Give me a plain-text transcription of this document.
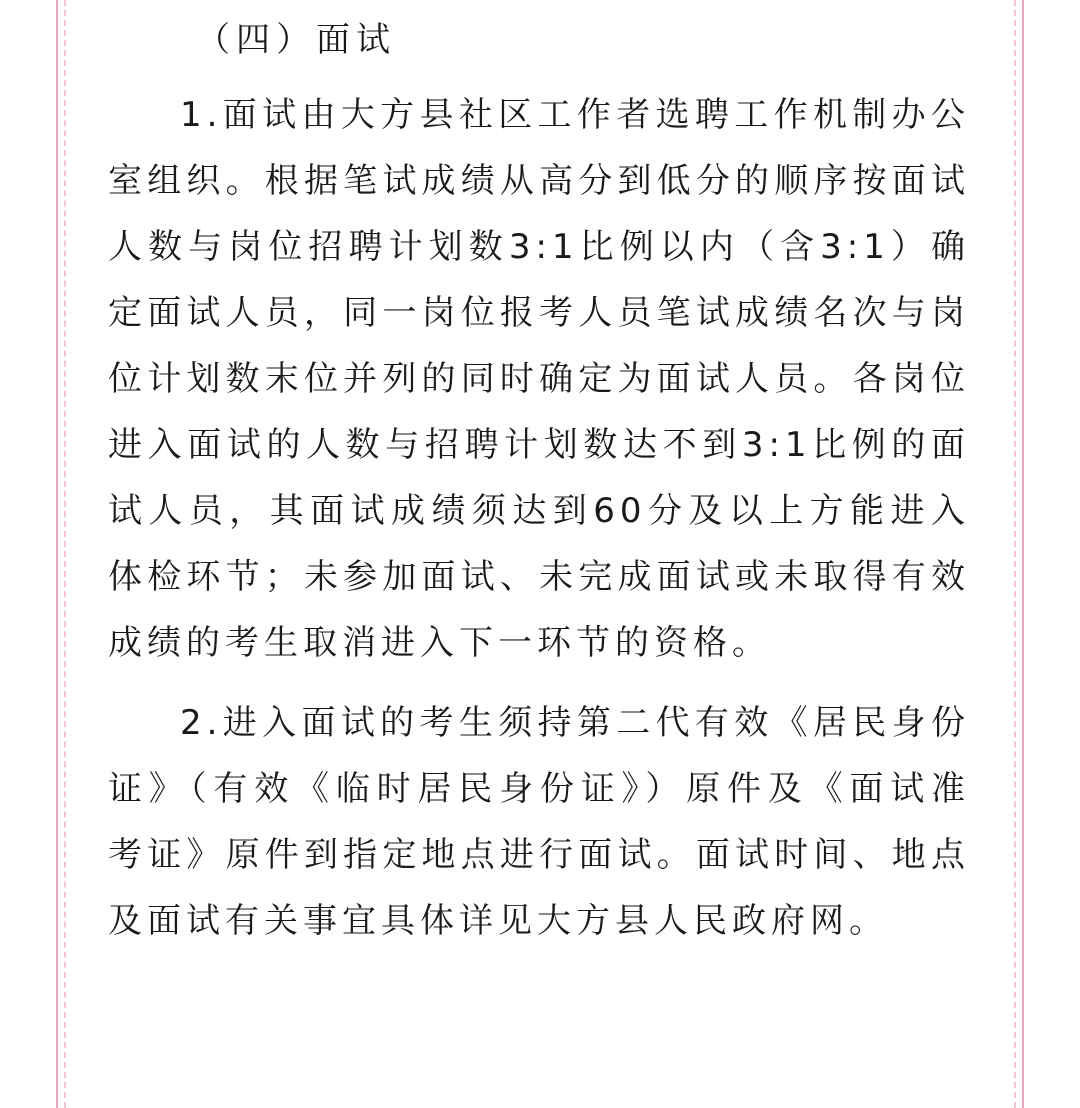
（四）面试

1.面试由大方县社区工作者选聘工作机制办公室组织。根据笔试成绩从高分到低分的顺序按面试人数与岗位招聘计划数3:1比例以内（含3:1）确定面试人员，同一岗位报考人员笔试成绩名次与岗位计划数末位并列的同时确定为面试人员。各岗位进入面试的人数与招聘计划数达不到3:1比例的面试人员，其面试成绩须达到60分及以上方能进入体检环节；未参加面试、未完成面试或未取得有效成绩的考生取消进入下一环节的资格。

2.进入面试的考生须持第二代有效《居民身份证》（有效《临时居民身份证》）原件及《面试准考证》原件到指定地点进行面试。面试时间、地点及面试有关事宜具体详见大方县人民政府网。
